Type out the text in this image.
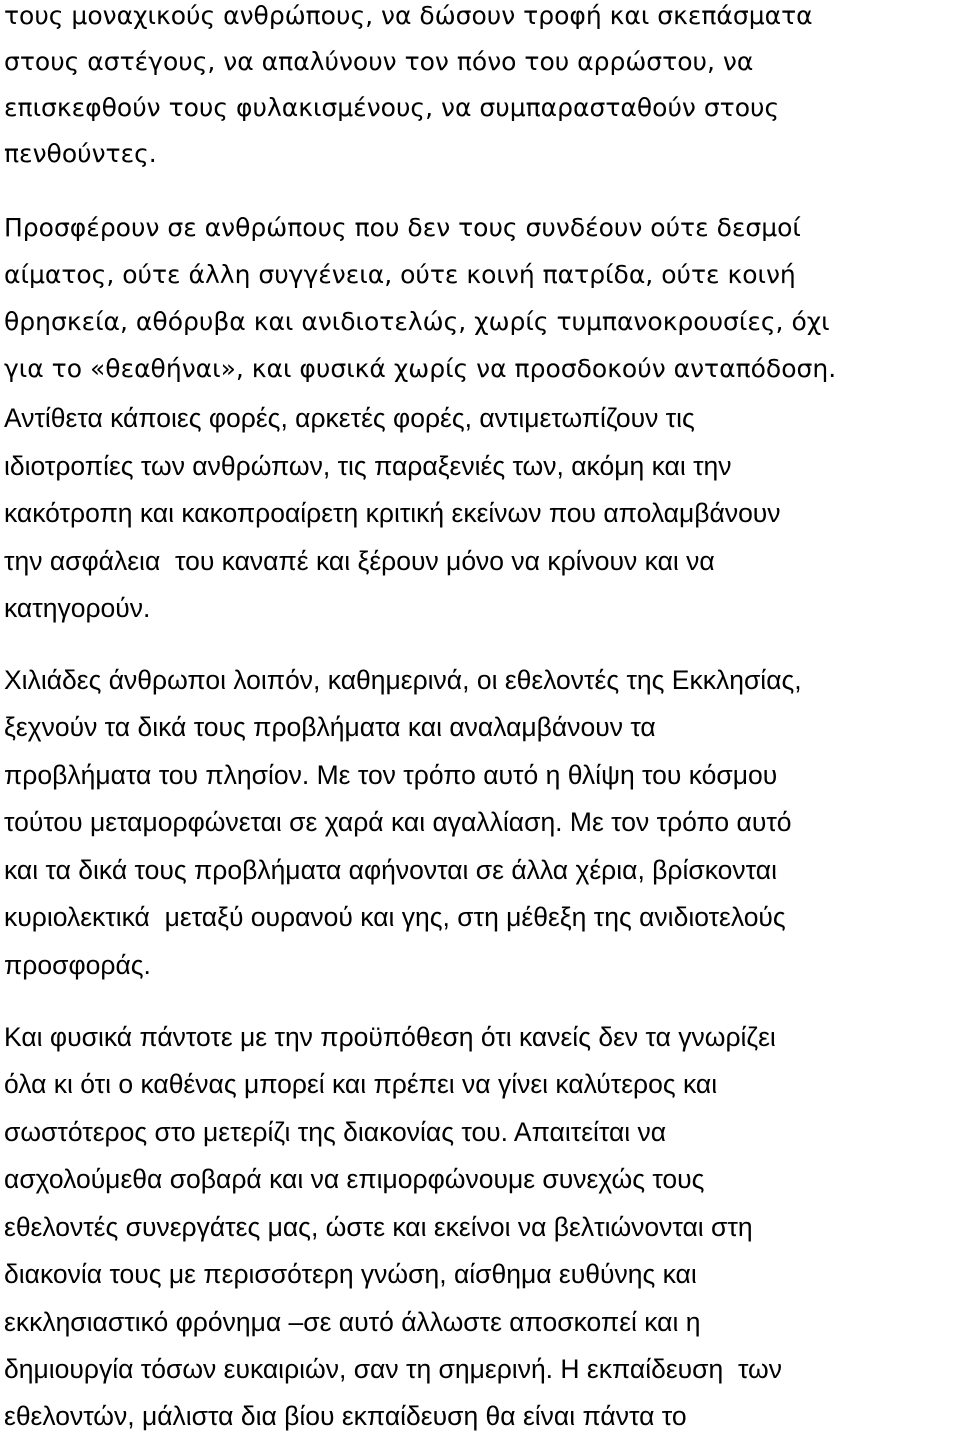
τους μοναχικούς ανθρώπους, να δώσουν τροφή και σκεπάσματα

στους αστέγους, να απαλύνουν τον πόνο του αρρώστου, να

επισκεφθούν τους φυλακισμένους, να συμπαρασταθούν στους

πενθούντες.

Προσφέρουν σε ανθρώπους που δεν τους συνδέουν ούτε δεσμοί

αίματος, ούτε άλλη συγγένεια, ούτε κοινή πατρίδα, ούτε κοινή

θρησκεία, αθόρυβα και ανιδιοτελώς, χωρίς τυμπανοκρουσίες, όχι

για το «θεαθήναι», και φυσικά χωρίς να προσδοκούν ανταπόδοση.

Αντίθετα κάποιες φορές, αρκετές φορές, αντιμετωπίζουν τις

ιδιοτροπίες των ανθρώπων, τις παραξενιές των, ακόμη και την

κακότροπη και κακοπροαίρετη κριτική εκείνων που απολαμβάνουν

την ασφάλεια  του καναπέ και ξέρουν μόνο να κρίνουν και να

κατηγορούν.

Χιλιάδες άνθρωποι λοιπόν, καθημερινά, οι εθελοντές της Εκκλησίας,

ξεχνούν τα δικά τους προβλήματα και αναλαμβάνουν τα

προβλήματα του πλησίον. Με τον τρόπο αυτό η θλίψη του κόσμου

τούτου μεταμορφώνεται σε χαρά και αγαλλίαση. Με τον τρόπο αυτό

και τα δικά τους προβλήματα αφήνονται σε άλλα χέρια, βρίσκονται

κυριολεκτικά  μεταξύ ουρανού και γης, στη μέθεξη της ανιδιοτελούς

προσφοράς.

Και φυσικά πάντοτε με την προϋπόθεση ότι κανείς δεν τα γνωρίζει

όλα κι ότι ο καθένας μπορεί και πρέπει να γίνει καλύτερος και

σωστότερος στο μετερίζι της διακονίας του. Απαιτείται να

ασχολούμεθα σοβαρά και να επιμορφώνουμε συνεχώς τους

εθελοντές συνεργάτες μας, ώστε και εκείνοι να βελτιώνονται στη

διακονία τους με περισσότερη γνώση, αίσθημα ευθύνης και

εκκλησιαστικό φρόνημα –σε αυτό άλλωστε αποσκοπεί και η

δημιουργία τόσων ευκαιριών, σαν τη σημερινή. Η εκπαίδευση  των

εθελοντών, μάλιστα δια βίου εκπαίδευση θα είναι πάντα το
